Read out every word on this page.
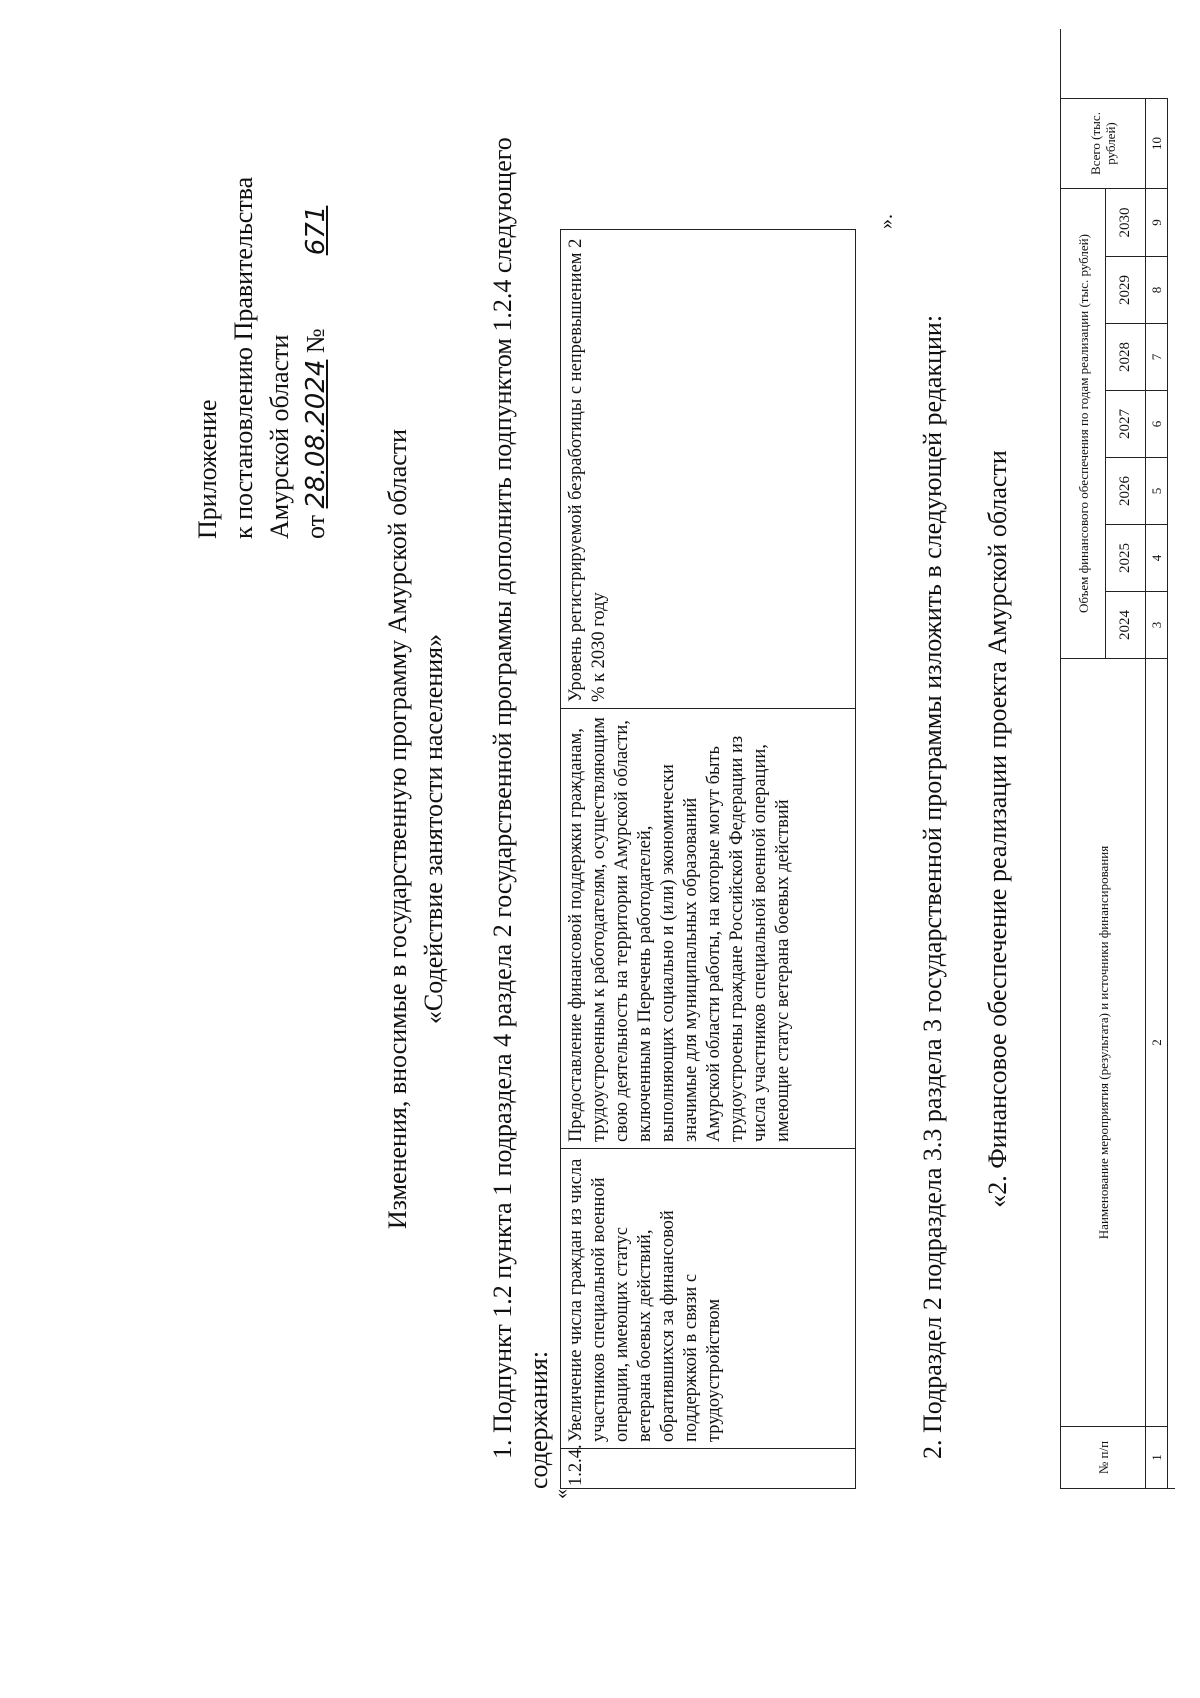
Приложение к постановлению Правительства Амурской области от 28.08.2024 №  671
Изменения, вносимые в государственную программу Амурской области «Содействие занятости населения» 1. Подпункт 1.2 пункта 1 подраздела 4 раздела 2 государственной программы дополнить подпунктом 1.2.4 следующего содержания:
«
1.2.4.
Увеличение числа граждан из числа участников специальной военной операции, имеющих статус ветерана боевых действий, обратившихся за финансовой поддержкой в связи с трудоустройством
Предоставление финансовой поддержки гражданам, трудоустроенным к работодателям, осуществляющим свою деятельность на территории Амурской области, включенным в Перечень работодателей, выполняющих социально и (или) экономически значимые для муниципальных образований Амурской области работы, на которые могут быть трудоустроены граждане Российской Федерации из числа участников специальной военной операции, имеющие статус ветерана боевых действий
Уровень регистрируемой безработицы с непревышением 2 % к 2030 году
».
2. Подраздел 2 подраздела 3.3 раздела 3 государственной программы изложить в следующей редакции: «2. Финансовое обеспечение реализации проекта Амурской области
№ п/п
Наименование мероприятия (результата) и источники финансирования
Объем финансового обеспечения по годам реализации (тыс. рублей)
Всего (тыс. рублей)
2024
2025
2026
2027
2028
2029
2030
1
2
3
4
5
6
7
8
9
10
